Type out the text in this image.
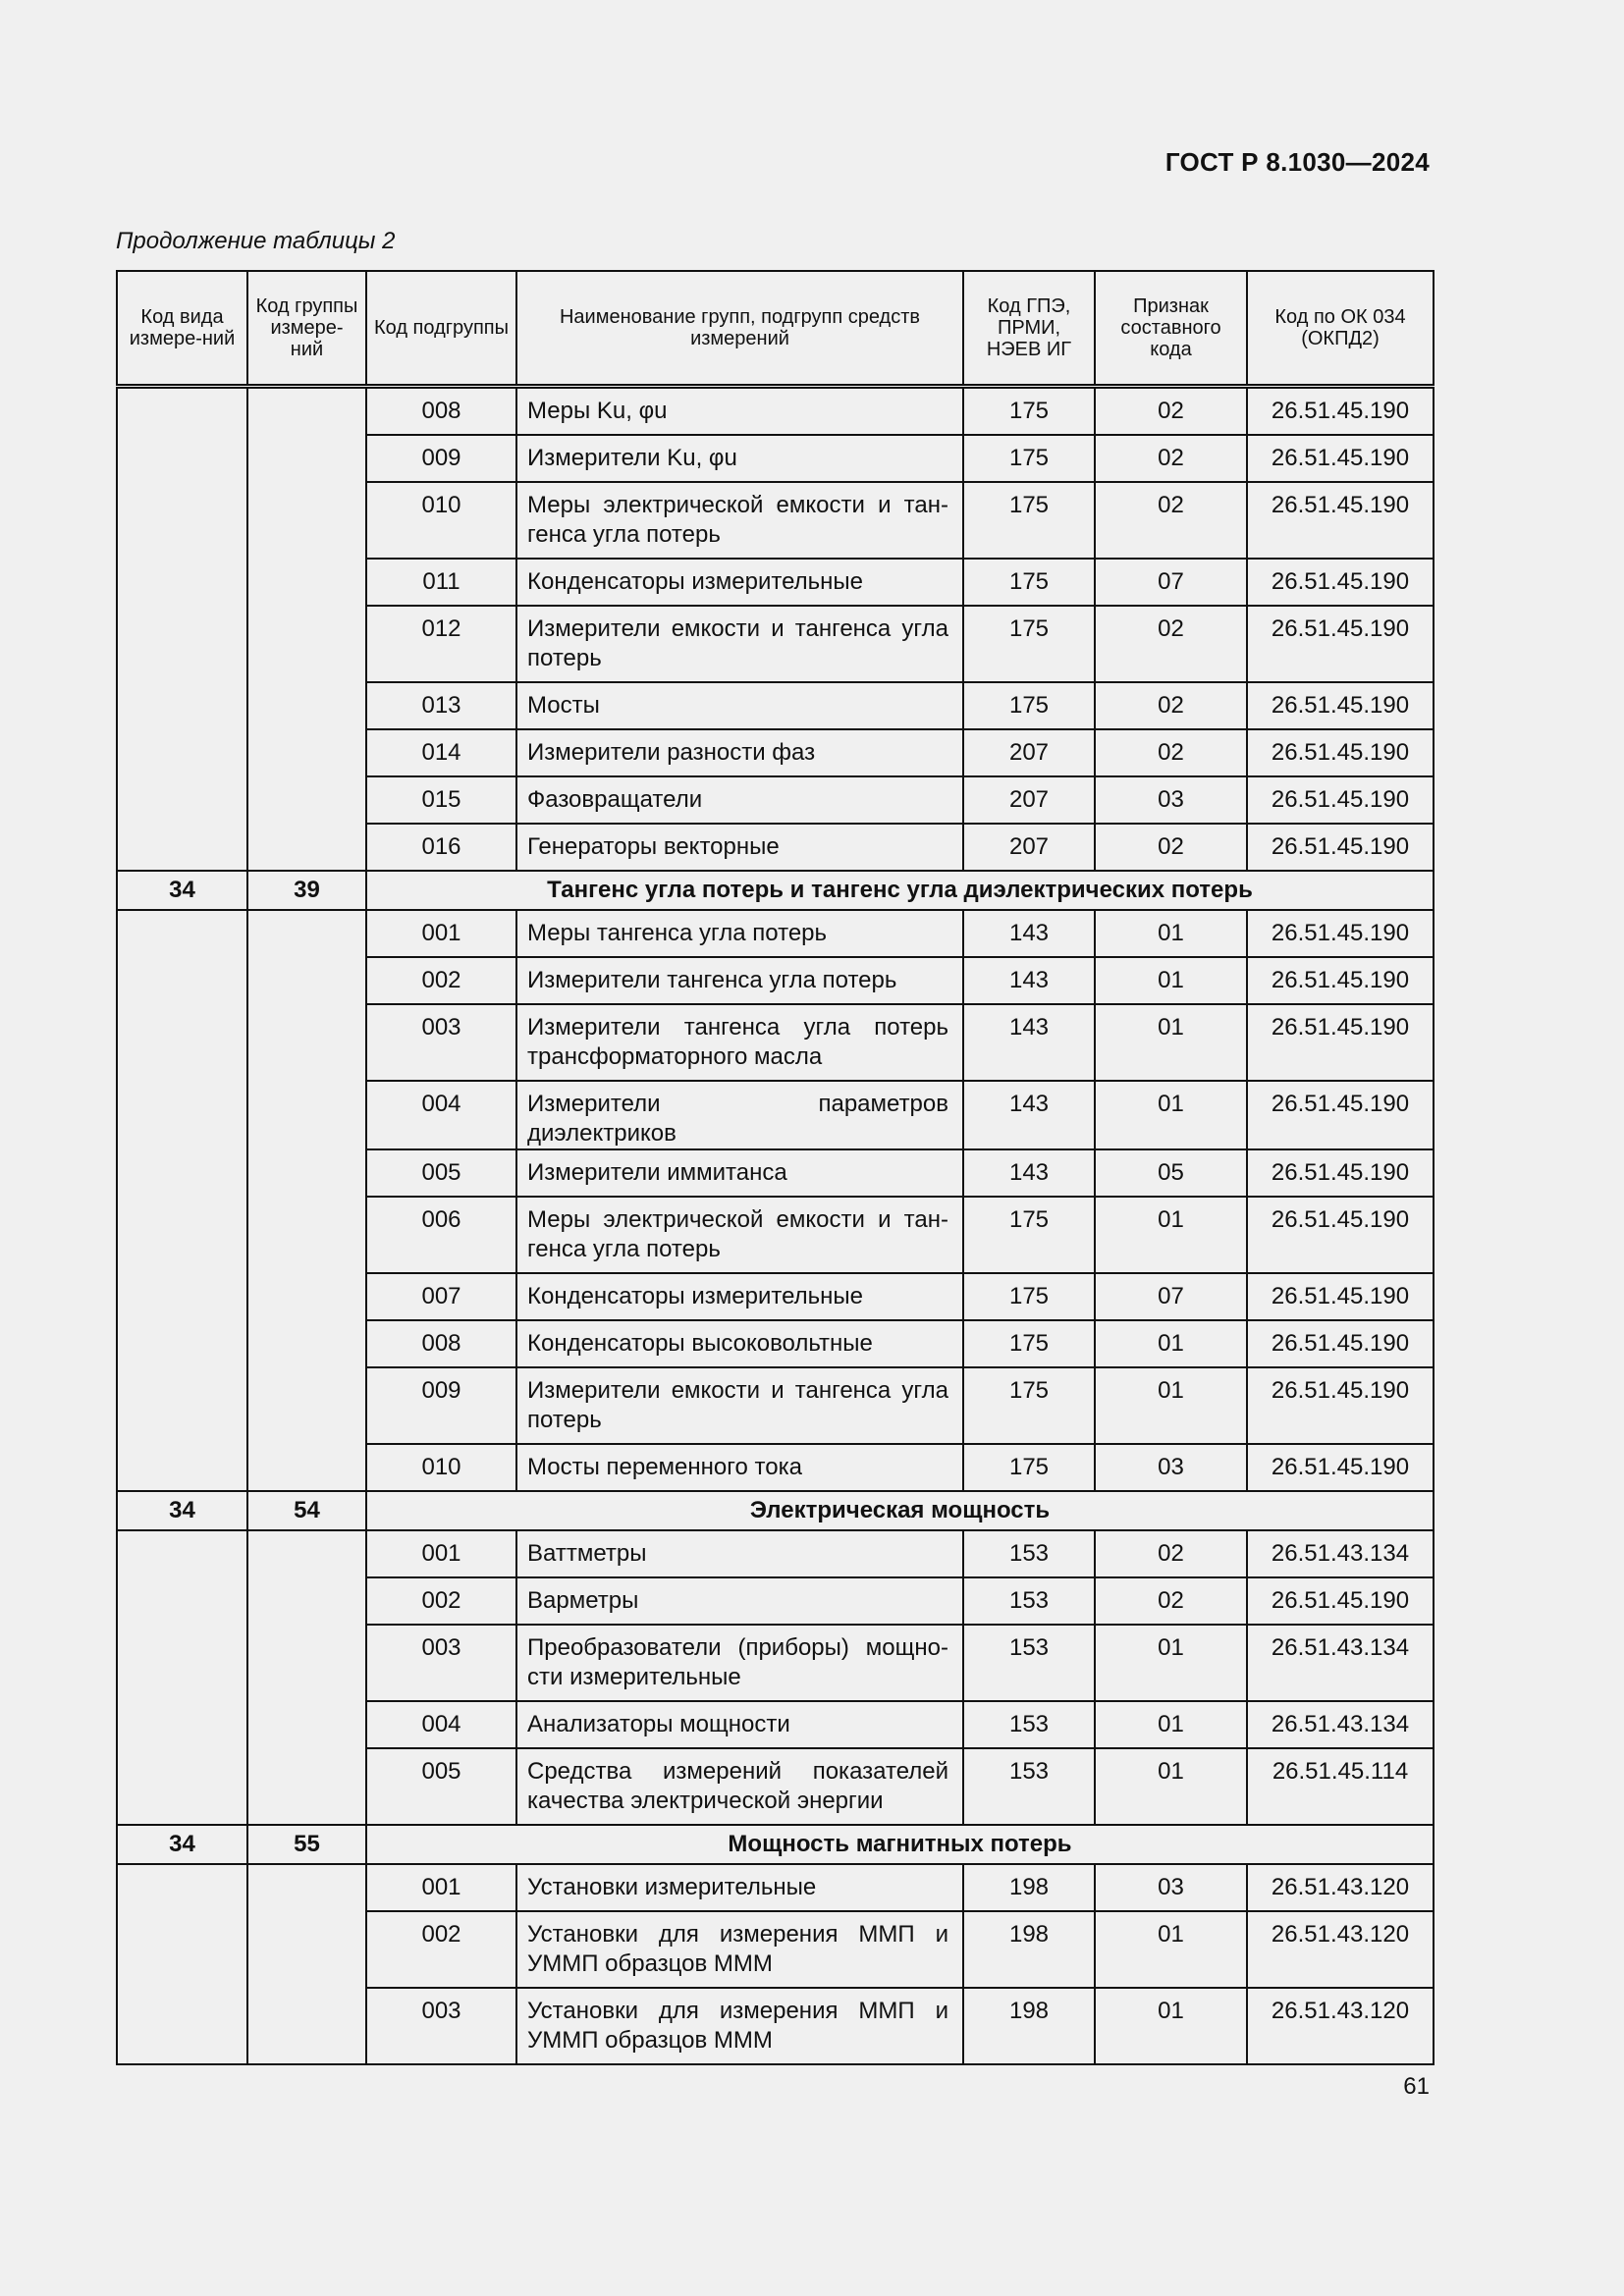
ГОСТ Р 8.1030—2024
Продолжение таблицы 2
Код вида измере-ний	Код группы измере-ний	Код подгруппы	Наименование групп, подгрупп средств измерений	Код ГПЭ, ПРМИ, НЭЕВ ИГ	Признак составного кода	Код по ОК 034 (ОКПД2)
		008	Меры Ku, φu	175	02	26.51.45.190
		009	Измерители Ku, φu	175	02	26.51.45.190
		010	Меры электрической емкости и тан-генса угла потерь	175	02	26.51.45.190
		011	Конденсаторы измерительные	175	07	26.51.45.190
		012	Измерители емкости и тангенса угла потерь	175	02	26.51.45.190
		013	Мосты	175	02	26.51.45.190
		014	Измерители разности фаз	207	02	26.51.45.190
		015	Фазовращатели	207	03	26.51.45.190
		016	Генераторы векторные	207	02	26.51.45.190
34	39	Тангенс угла потерь и тангенс угла диэлектрических потерь				
		001	Меры тангенса угла потерь	143	01	26.51.45.190
		002	Измерители тангенса угла потерь	143	01	26.51.45.190
		003	Измерители тангенса угла потерь трансформаторного масла	143	01	26.51.45.190
		004	Измерители параметров диэлектриков	143	01	26.51.45.190
		005	Измерители иммитанса	143	05	26.51.45.190
		006	Меры электрической емкости и тан-генса угла потерь	175	01	26.51.45.190
		007	Конденсаторы измерительные	175	07	26.51.45.190
		008	Конденсаторы высоковольтные	175	01	26.51.45.190
		009	Измерители емкости и тангенса угла потерь	175	01	26.51.45.190
		010	Мосты переменного тока	175	03	26.51.45.190
34	54	Электрическая мощность				
		001	Ваттметры	153	02	26.51.43.134
		002	Варметры	153	02	26.51.45.190
		003	Преобразователи (приборы) мощно-сти измерительные	153	01	26.51.43.134
		004	Анализаторы мощности	153	01	26.51.43.134
		005	Средства измерений показателей качества электрической энергии	153	01	26.51.45.114
34	55	Мощность магнитных потерь				
		001	Установки измерительные	198	03	26.51.43.120
		002	Установки для измерения ММП и УММП образцов МММ	198	01	26.51.43.120
		003	Установки для измерения ММП и УММП образцов МММ	198	01	26.51.43.120
61
